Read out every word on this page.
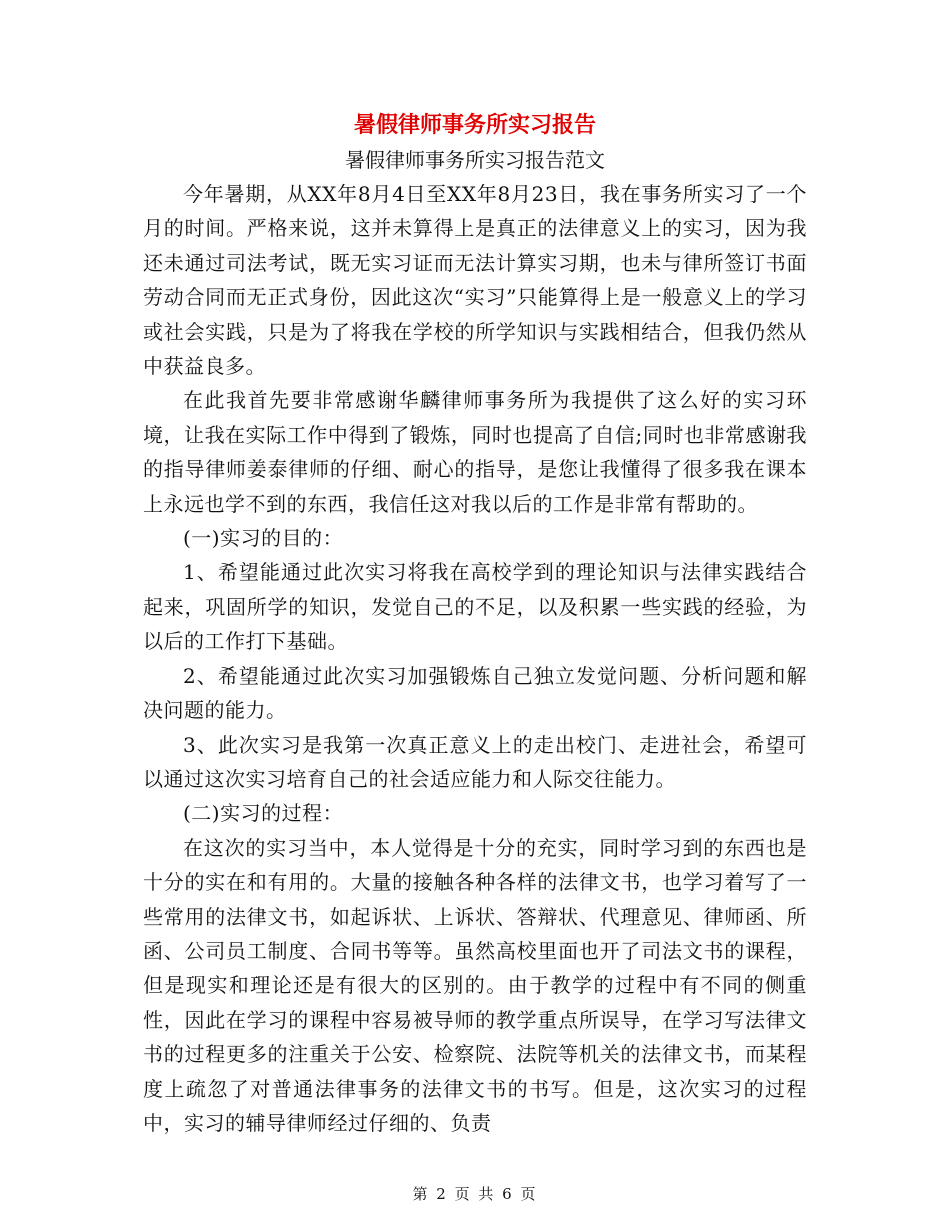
暑假律师事务所实习报告
暑假律师事务所实习报告范文

今年暑期，从XX年8月4日至XX年8月23日，我在事务所实习了一个月的时间。严格来说，这并未算得上是真正的法律意义上的实习，因为我还未通过司法考试，既无实习证而无法计算实习期，也未与律所签订书面劳动合同而无正式身份，因此这次“实习”只能算得上是一般意义上的学习或社会实践，只是为了将我在学校的所学知识与实践相结合，但我仍然从中获益良多。

在此我首先要非常感谢华麟律师事务所为我提供了这么好的实习环境，让我在实际工作中得到了锻炼，同时也提高了自信;同时也非常感谢我的指导律师姜泰律师的仔细、耐心的指导，是您让我懂得了很多我在课本上永远也学不到的东西，我信任这对我以后的工作是非常有帮助的。

(一)实习的目的：

1、希望能通过此次实习将我在高校学到的理论知识与法律实践结合起来，巩固所学的知识，发觉自己的不足，以及积累一些实践的经验，为以后的工作打下基础。

2、希望能通过此次实习加强锻炼自己独立发觉问题、分析问题和解决问题的能力。

3、此次实习是我第一次真正意义上的走出校门、走进社会，希望可以通过这次实习培育自己的社会适应能力和人际交往能力。

(二)实习的过程：

在这次的实习当中，本人觉得是十分的充实，同时学习到的东西也是十分的实在和有用的。大量的接触各种各样的法律文书，也学习着写了一些常用的法律文书，如起诉状、上诉状、答辩状、代理意见、律师函、所函、公司员工制度、合同书等等。虽然高校里面也开了司法文书的课程，但是现实和理论还是有很大的区别的。由于教学的过程中有不同的侧重性，因此在学习的课程中容易被导师的教学重点所误导，在学习写法律文书的过程更多的注重关于公安、检察院、法院等机关的法律文书，而某程度上疏忽了对普通法律事务的法律文书的书写。但是，这次实习的过程中，实习的辅导律师经过仔细的、负责

第 2 页 共 6 页
